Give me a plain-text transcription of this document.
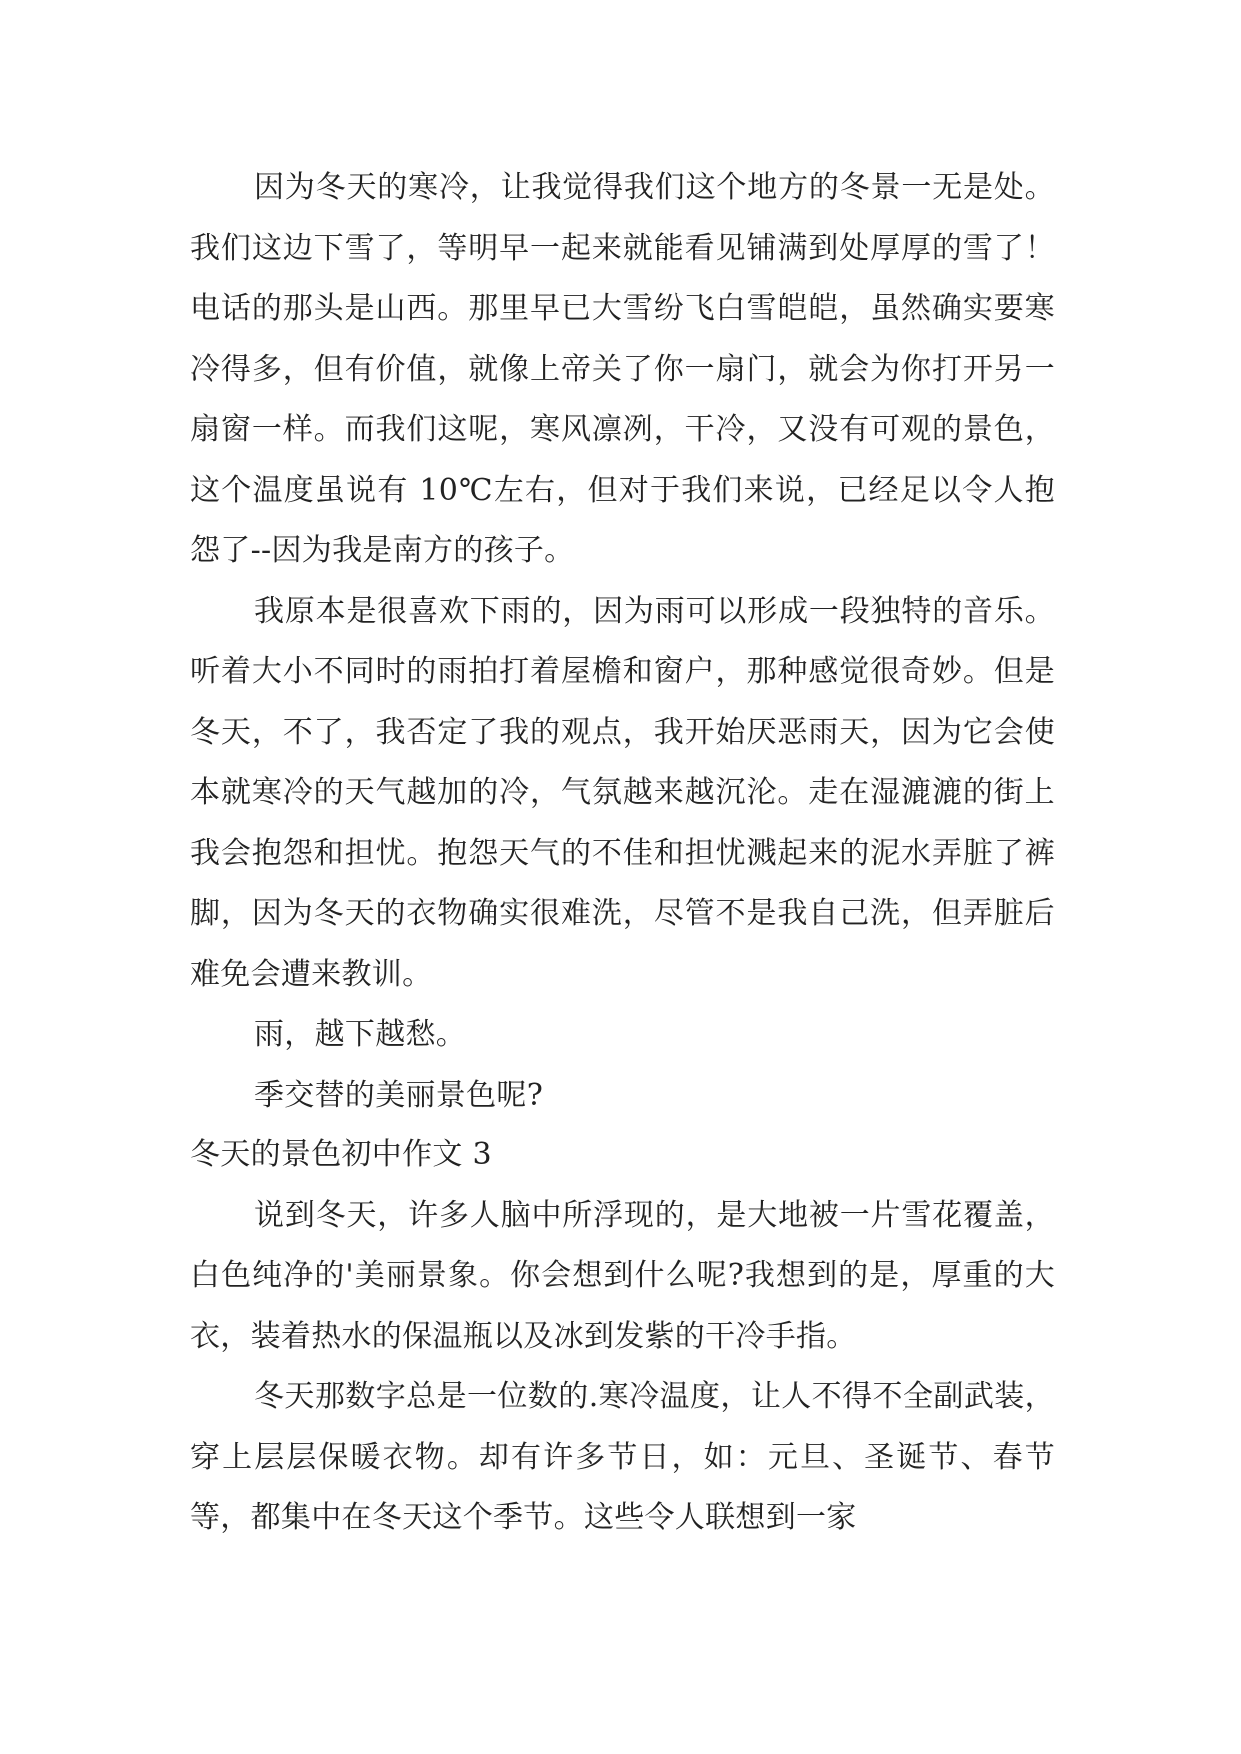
因为冬天的寒冷，让我觉得我们这个地方的冬景一无是处。我们这边下雪了，等明早一起来就能看见铺满到处厚厚的雪了！电话的那头是山西。那里早已大雪纷飞白雪皑皑，虽然确实要寒冷得多，但有价值，就像上帝关了你一扇门，就会为你打开另一扇窗一样。而我们这呢，寒风凛冽，干冷，又没有可观的景色，这个温度虽说有 10℃左右，但对于我们来说，已经足以令人抱怨了--因为我是南方的孩子。

我原本是很喜欢下雨的，因为雨可以形成一段独特的音乐。听着大小不同时的雨拍打着屋檐和窗户，那种感觉很奇妙。但是冬天，不了，我否定了我的观点，我开始厌恶雨天，因为它会使本就寒冷的天气越加的冷，气氛越来越沉沦。走在湿漉漉的街上我会抱怨和担忧。抱怨天气的不佳和担忧溅起来的泥水弄脏了裤脚，因为冬天的衣物确实很难洗，尽管不是我自己洗，但弄脏后难免会遭来教训。

雨，越下越愁。

季交替的美丽景色呢?

冬天的景色初中作文 3

说到冬天，许多人脑中所浮现的，是大地被一片雪花覆盖，白色纯净的'美丽景象。你会想到什么呢?我想到的是，厚重的大衣，装着热水的保温瓶以及冰到发紫的干冷手指。

冬天那数字总是一位数的.寒冷温度，让人不得不全副武装，穿上层层保暖衣物。却有许多节日，如：元旦、圣诞节、春节等，都集中在冬天这个季节。这些令人联想到一家
